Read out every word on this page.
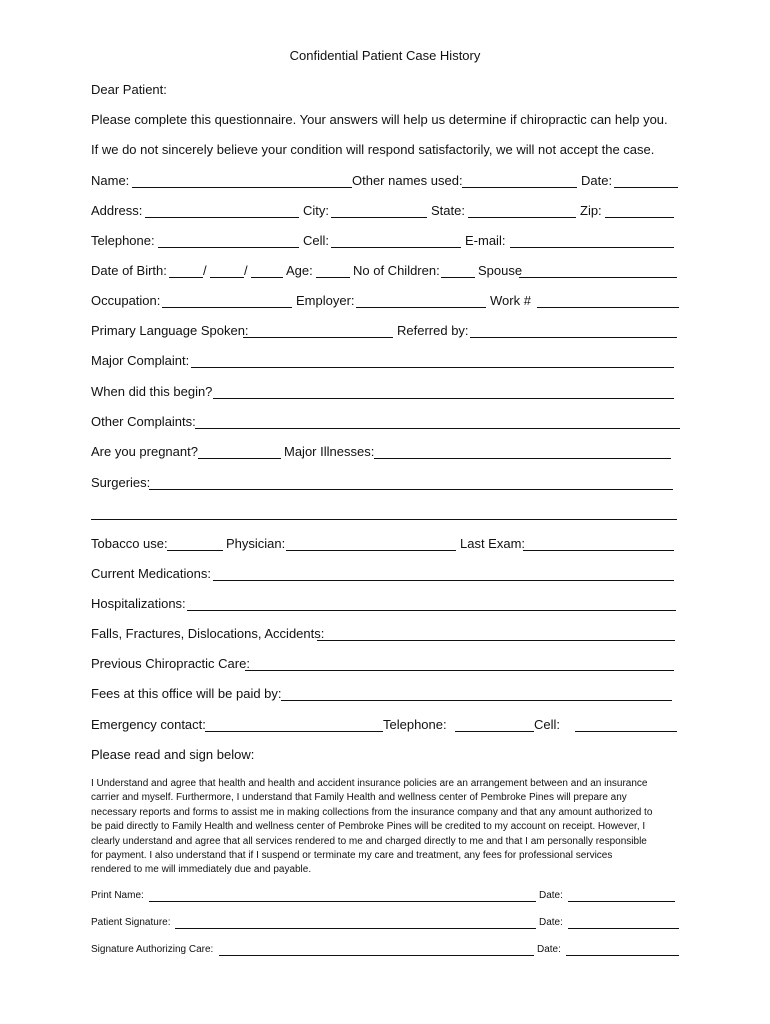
Confidential Patient Case History
Dear Patient:
Please complete this questionnaire. Your answers will help us determine if chiropractic can help you.
If we do not sincerely believe your condition will respond satisfactorily, we will not accept the case.
Name:	Other names used:	Date:
Address:	City:	State:	Zip:
Telephone:	Cell:	E-mail:
Date of Birth:	/	/	Age:	No of Children:	Spouse
Occupation:	Employer:	Work #
Primary Language Spoken:	Referred by:
Major Complaint:
When did this begin?
Other Complaints:
Are you pregnant?	Major Illnesses:
Surgeries:
Tobacco use:	Physician:	Last Exam:
Current Medications:
Hospitalizations:
Falls, Fractures, Dislocations, Accidents:
Previous Chiropractic Care:
Fees at this office will be paid by:
Emergency contact:	Telephone:	Cell:
Please read and sign below:

I Understand and agree that health and health and accident insurance policies are an arrangement between and an insurance

carrier and myself. Furthermore, I understand that Family Health and wellness center of Pembroke Pines will prepare any

necessary reports and forms to assist me in making collections from the insurance company and that any amount authorized to

be paid directly to Family Health and wellness center of Pembroke Pines will be credited to my account on receipt. However, I

clearly understand and agree that all services rendered to me and charged directly to me and that I am personally responsible

for payment. I also understand that if I suspend or terminate my care and treatment, any fees for professional services

rendered to me will immediately due and payable.

Print Name:	Date:
Patient Signature:	Date:
Signature Authorizing Care:	Date:
